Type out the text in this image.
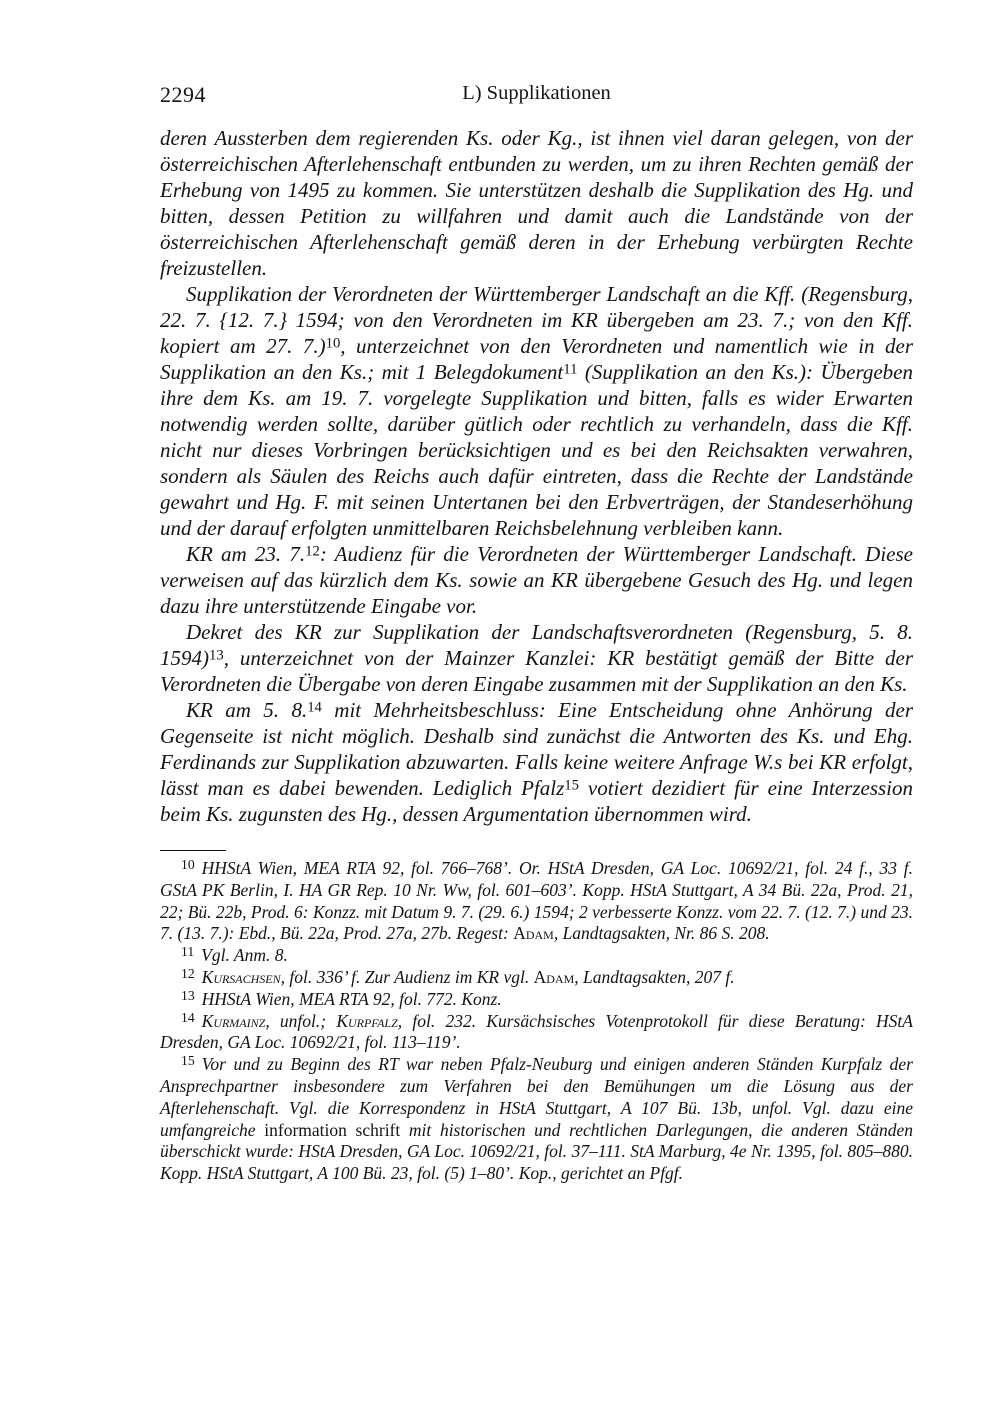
2294	L) Supplikationen

deren Aussterben dem regierenden Ks. oder Kg., ist ihnen viel daran gelegen, von der österreichischen Afterlehenschaft entbunden zu werden, um zu ihren Rechten gemäß der Erhebung von 1495 zu kommen. Sie unterstützen deshalb die Supplikation des Hg. und bitten, dessen Petition zu willfahren und damit auch die Landstände von der österreichischen Afterlehenschaft gemäß deren in der Erhebung verbürgten Rechte freizustellen.

Supplikation der Verordneten der Württemberger Landschaft an die Kff. (Regensburg, 22. 7. {12. 7.} 1594; von den Verordneten im KR übergeben am 23. 7.; von den Kff. kopiert am 27. 7.)$^{10}$, unterzeichnet von den Verordneten und namentlich wie in der Supplikation an den Ks.; mit 1 Belegdokument$^{11}$ (Supplikation an den Ks.): Übergeben ihre dem Ks. am 19. 7. vorgelegte Supplikation und bitten, falls es wider Erwarten notwendig werden sollte, darüber gütlich oder rechtlich zu verhandeln, dass die Kff. nicht nur dieses Vorbringen berücksichtigen und es bei den Reichsakten verwahren, sondern als Säulen des Reichs auch dafür eintreten, dass die Rechte der Landstände gewahrt und Hg. F. mit seinen Untertanen bei den Erbverträgen, der Standeserhöhung und der darauf erfolgten unmittelbaren Reichsbelehnung verbleiben kann.

KR am 23. 7.12: Audienz für die Verordneten der Württemberger Landschaft. Diese verweisen auf das kürzlich dem Ks. sowie an KR übergebene Gesuch des Hg. und legen dazu ihre unterstützende Eingabe vor.

Dekret des KR zur Supplikation der Landschaftsverordneten (Regensburg, 5. 8. 1594)$^{13}$, unterzeichnet von der Mainzer Kanzlei: KR bestätigt gemäß der Bitte der Verordneten die Übergabe von deren Eingabe zusammen mit der Supplikation an den Ks.

KR am 5. 8.14 mit Mehrheitsbeschluss: Eine Entscheidung ohne Anhörung der Gegenseite ist nicht möglich. Deshalb sind zunächst die Antworten des Ks. und Ehg. Ferdinands zur Supplikation abzuwarten. Falls keine weitere Anfrage W.s bei KR erfolgt, lässt man es dabei bewenden. Lediglich Pfalz$^{15}$ votiert dezidiert für eine Interzession beim Ks. zugunsten des Hg., dessen Argumentation übernommen wird.

$^{10}$ HHStA Wien, MEA RTA 92, fol. 766–768’. Or. HStA Dresden, GA Loc. 10692/21, fol. 24 f., 33 f. GStA PK Berlin, I. HA GR Rep. 10 Nr. Ww, fol. 601–603’. Kopp. HStA Stuttgart, A 34 Bü. 22a, Prod. 21, 22; Bü. 22b, Prod. 6: Konzz. mit Datum 9. 7. (29. 6.) 1594; 2 verbesserte Konzz. vom 22. 7. (12. 7.) und 23. 7. (13. 7.): Ebd., Bü. 22a, Prod. 27a, 27b. Regest: Adam, Landtagsakten, Nr. 86 S. 208.

$^{11}$ Vgl. Anm. 8.

$^{12}$ Kursachsen, fol. 336’ f. Zur Audienz im KR vgl. Adam, Landtagsakten, 207 f.

$^{13}$ HHStA Wien, MEA RTA 92, fol. 772. Konz.

$^{14}$ Kurmainz, unfol.; Kurpfalz, fol. 232. Kursächsisches Votenprotokoll für diese Beratung: HStA Dresden, GA Loc. 10692/21, fol. 113–119’.

$^{15}$ Vor und zu Beginn des RT war neben Pfalz-Neuburg und einigen anderen Ständen Kurpfalz der Ansprechpartner insbesondere zum Verfahren bei den Bemühungen um die Lösung aus der Afterlehenschaft. Vgl. die Korrespondenz in HStA Stuttgart, A 107 Bü. 13b, unfol. Vgl. dazu eine umfangreiche information schrift mit historischen und rechtlichen Darlegungen, die anderen Ständen überschickt wurde: HStA Dresden, GA Loc. 10692/21, fol. 37–111. StA Marburg, 4e Nr. 1395, fol. 805–880. Kopp. HStA Stuttgart, A 100 Bü. 23, fol. (5) 1–80’. Kop., gerichtet an Pfgf.
